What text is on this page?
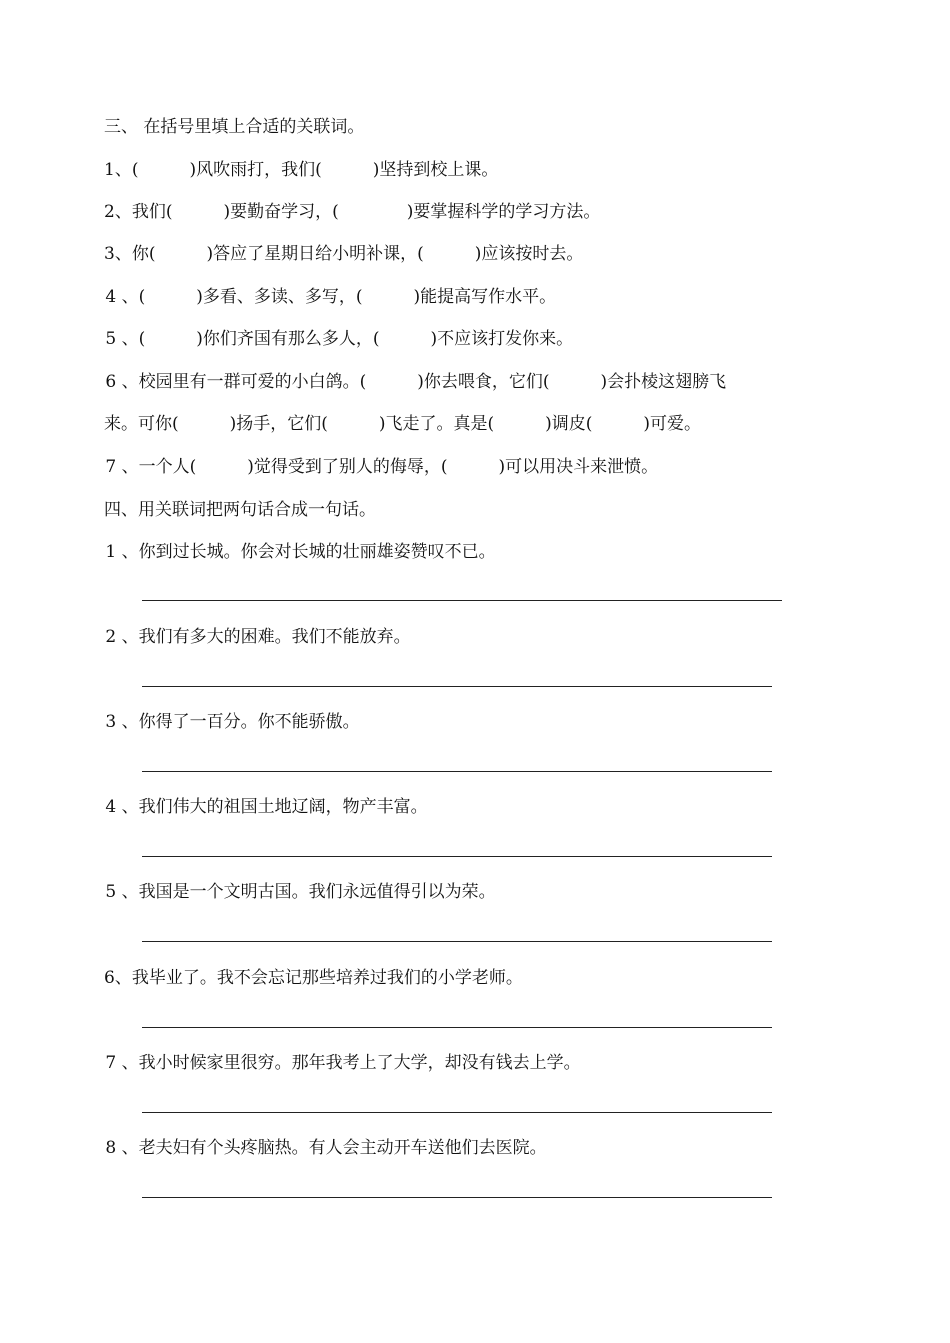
三、 在括号里填上合适的关联词。
1、(　　　)风吹雨打，我们(　　　)坚持到校上课。
2、我们(　　　)要勤奋学习，(　　　　)要掌握科学的学习方法。
3、你(　　　)答应了星期日给小明补课，(　　　)应该按时去。
4 、(　　　)多看、多读、多写，(　　　)能提高写作水平。
5 、(　　　)你们齐国有那么多人，(　　　)不应该打发你来。
6 、校园里有一群可爱的小白鸽。(　　　)你去喂食，它们(　　　)会扑棱这翅膀飞
来。可你(　　　)扬手，它们(　　　)飞走了。真是(　　　)调皮(　　　)可爱。
7 、一个人(　　　)觉得受到了别人的侮辱，(　　　)可以用决斗来泄愤。
四、用关联词把两句话合成一句话。
1 、你到过长城。你会对长城的壮丽雄姿赞叹不已。
2 、我们有多大的困难。我们不能放弃。
3 、你得了一百分。你不能骄傲。
4 、我们伟大的祖国土地辽阔，物产丰富。
5 、我国是一个文明古国。我们永远值得引以为荣。
6、我毕业了。我不会忘记那些培养过我们的小学老师。
7 、我小时候家里很穷。那年我考上了大学，却没有钱去上学。
8 、老夫妇有个头疼脑热。有人会主动开车送他们去医院。
